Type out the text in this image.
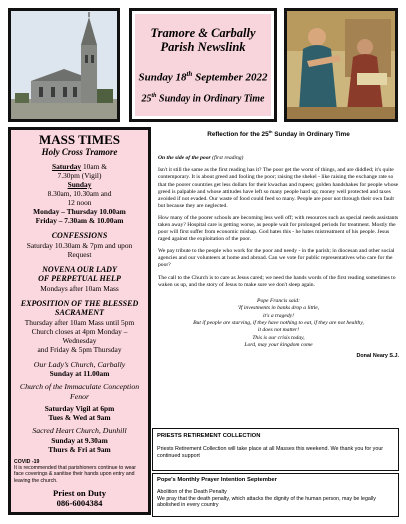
Tramore & Carbally
Parish Newslink
Sunday 18th September 2022
25th Sunday in Ordinary Time
MASS TIMES
Holy Cross Tramore
Saturday 10am &
7.30pm (Vigil)
Sunday
8.30am, 10.30am and
12 noon
Monday – Thursday 10.00am
Friday – 7.30am & 10.00am
CONFESSIONS
Saturday 10.30am & 7pm and upon
Request
NOVENA OUR LADY
OF PERPETUAL HELP
Mondays after 10am Mass
EXPOSITION OF THE BLESSED
SACRAMENT
Thursday after 10am Mass until 5pm
Church closes at 4pm Monday – Wednesday
and Friday & 5pm Thursday
Our Lady’s Church, Carbally
Sunday at 11.00am
Church of the Immaculate Conception
Fenor
Saturday Vigil at 6pm
Tues & Wed at 9am
Sacred Heart Church, Dunhill
Sunday at 9.30am
Thurs & Fri at 9am
COVID -19
It is recommended that parishioners continue to wear face coverings & sanitise their hands upon entry and leaving the church.
Priest on Duty
086-6004384
Reflection for the 25th Sunday in Ordinary Time
On the side of the poor (first reading)

Isn't it still the same as the first reading has it? The poor get the worst of things, and are diddled; it's quite contemporary. It is about greed and fooling the poor; raising the shekel - like raising the exchange rate so that the poorer countries get less dollars for their kwachas and rupees; golden handshakes for people whose greed is palpable and whose attitudes have left so many people hard up; money well protected and taxes avoided if not evaded. Our waste of food could feed so many. People are poor not through their own fault but because they are neglected.

How many of the poorer schools are becoming less well off; with resources such as special needs assistants taken away? Hospital care is getting worse, as people wait for prolonged periods for treatment. Mostly the poor will first suffer from economic mishap. God hates this - he hates mistreatment of his people. Jesus raged against the exploitation of the poor.

We pay tribute to the people who work for the poor and needy - in the parish; in diocesan and other social agencies and our volunteers at home and abroad. Can we vote for public representatives who care for the poor?

The call to the Church is to care as Jesus cared; we need the hands words of the first reading sometimes to waken us up, and the story of Jesus to make sure we don't sleep again.

Pope Francis said:
'If investments in banks drop a little,
it's a tragedy!
But if people are starving, if they have nothing to eat, if they are not healthy,
it does not matter!
This is our crisis today,
Lord, may your kingdom come
Donal Neary S.J.
PRIESTS RETIREMENT COLLECTION
Priests Retirement Collection will take place at all Masses this weekend. We thank you for your continued support
Pope's Monthly Prayer Intention September
Abolition of the Death Penalty
We pray that the death penalty, which attacks the dignity of the human person, may be legally abolished in every country
